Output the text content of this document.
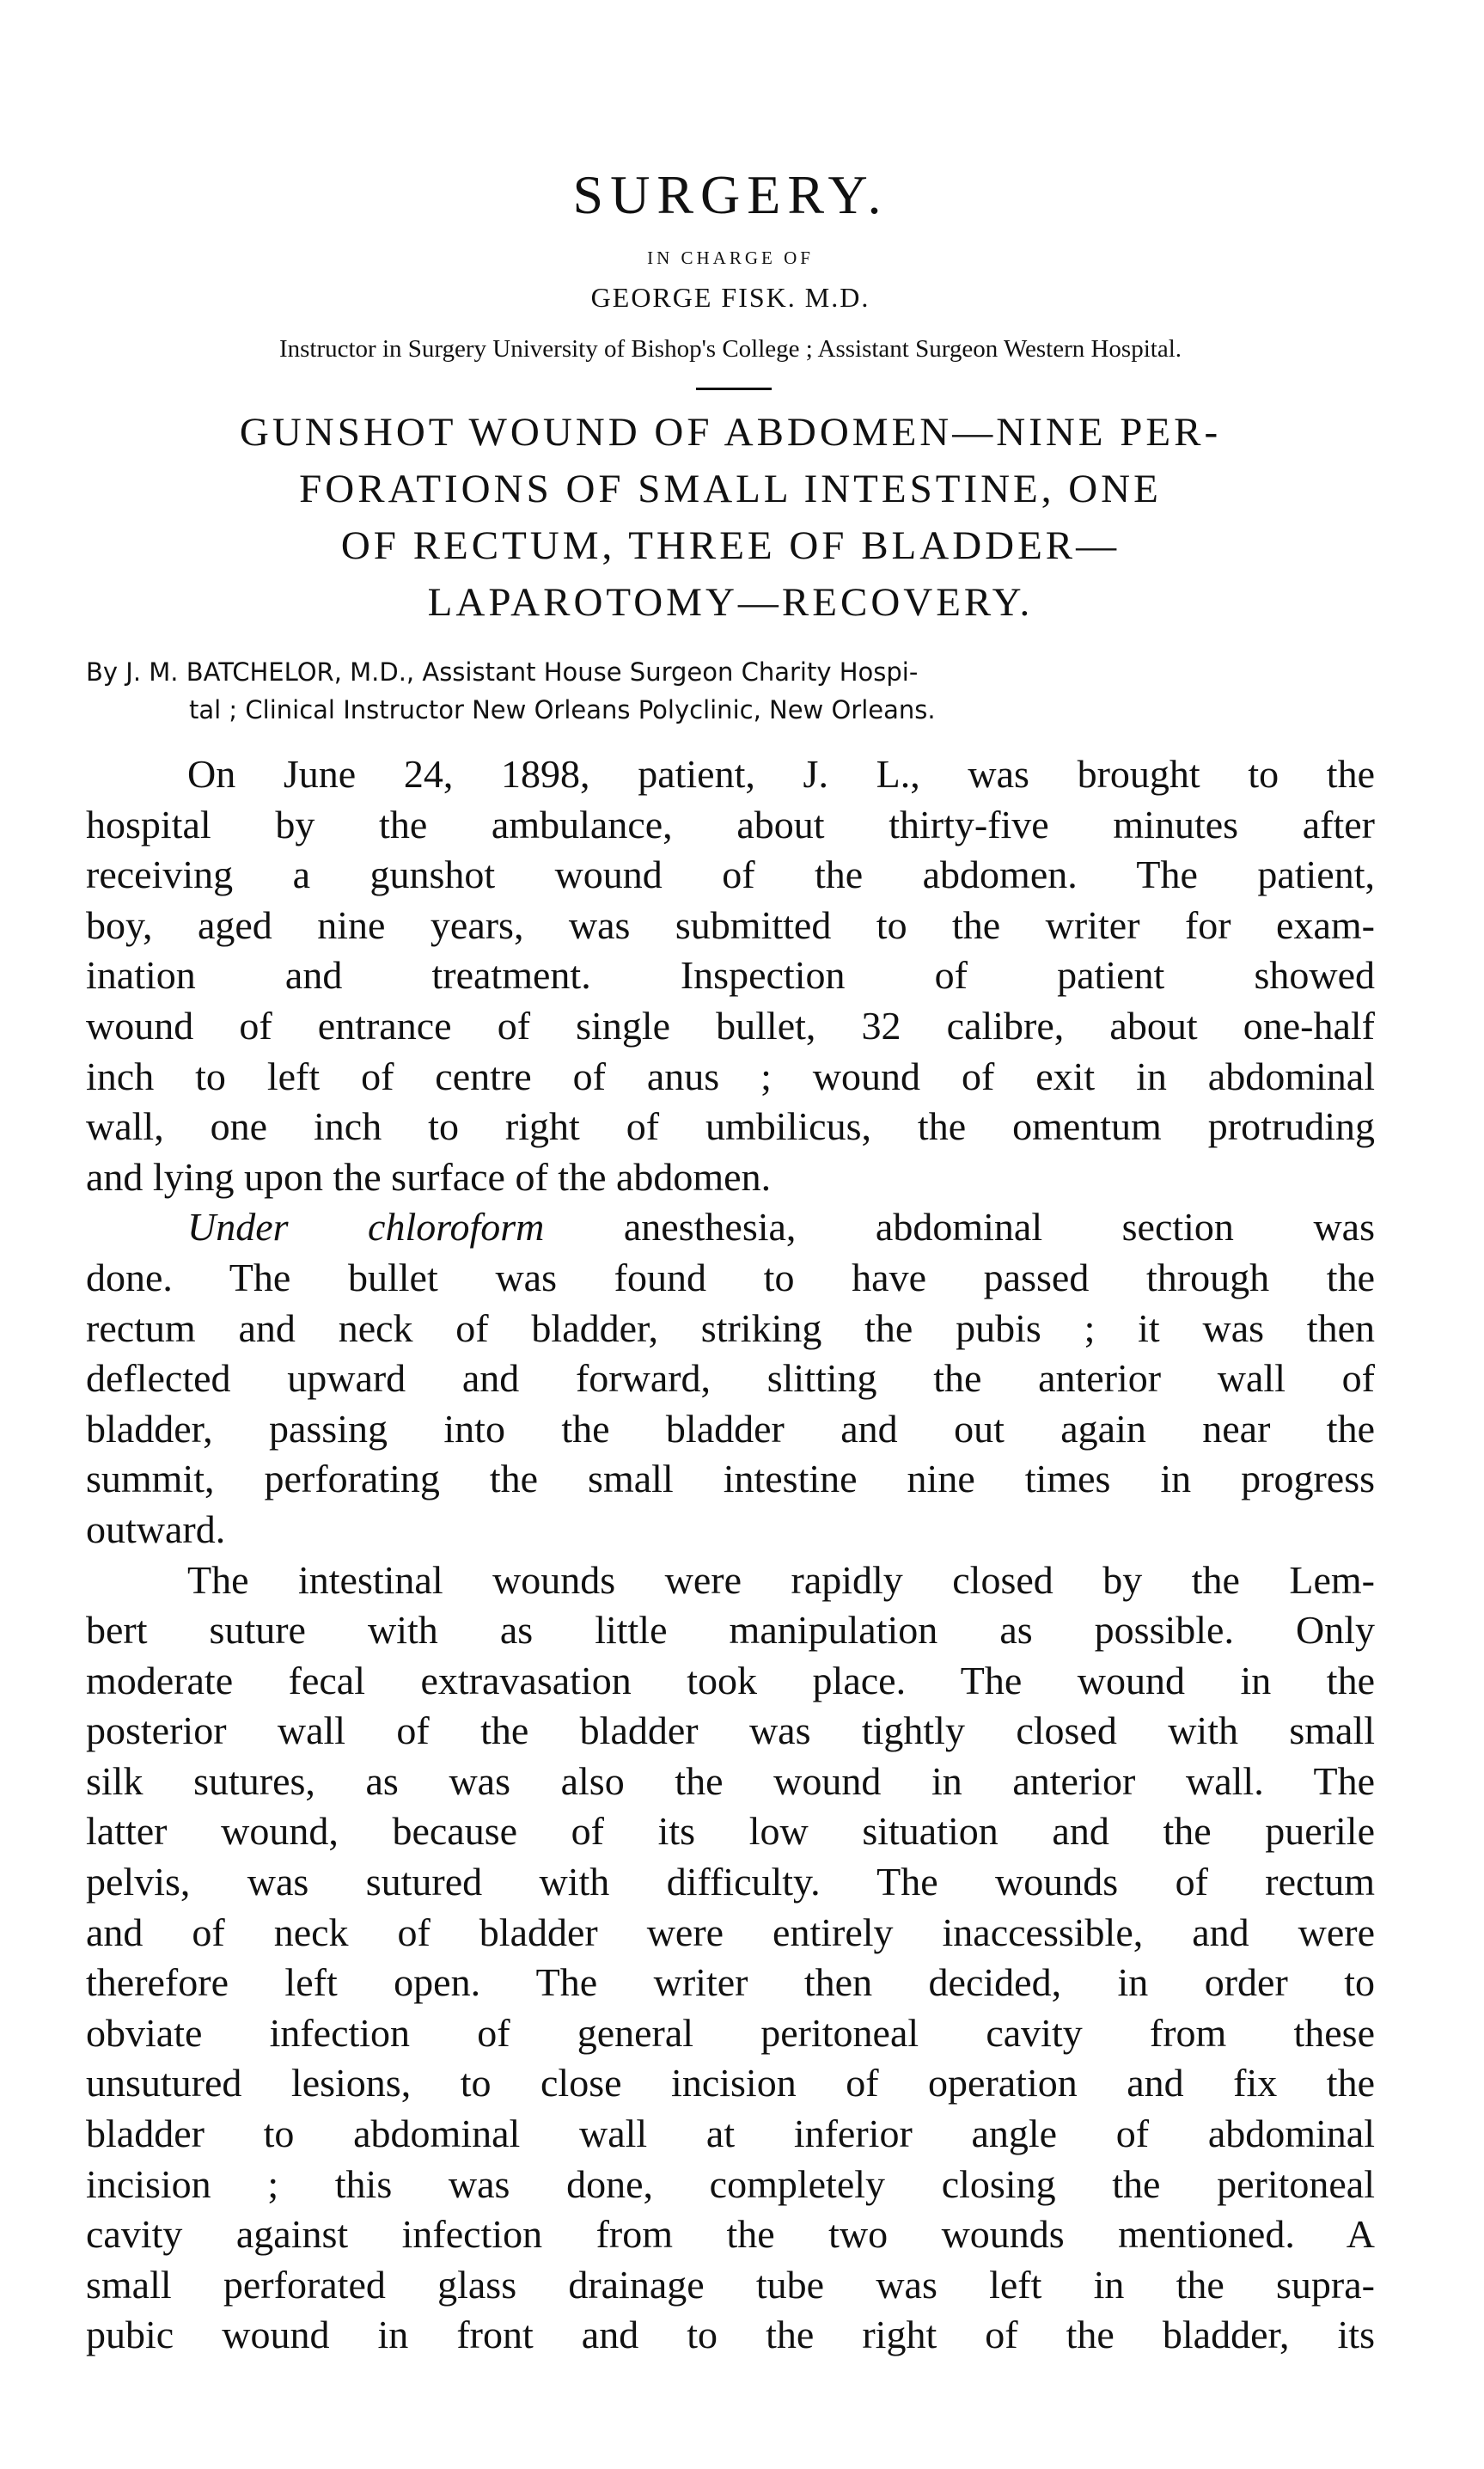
SURGERY.
IN CHARGE OF
GEORGE FISK. M.D.
Instructor in Surgery University of Bishop's College ; Assistant Surgeon Western Hospital.
GUNSHOT WOUND OF ABDOMEN—NINE PER-
FORATIONS OF SMALL INTESTINE, ONE
OF RECTUM, THREE OF BLADDER—
LAPAROTOMY—RECOVERY.
By J. M. BATCHELOR, M.D., Assistant House Surgeon Charity Hospi-
tal ; Clinical Instructor New Orleans Polyclinic, New Orleans.
On June 24, 1898, patient, J. L., was brought to the
hospital by the ambulance, about thirty-five minutes after
receiving a gunshot wound of the abdomen. The patient,
boy, aged nine years, was submitted to the writer for exam-
ination and treatment. Inspection of patient showed
wound of entrance of single bullet, 32 calibre, about one-half
inch to left of centre of anus ; wound of exit in abdominal
wall, one inch to right of umbilicus, the omentum protruding
and lying upon the surface of the abdomen.
Under chloroform anesthesia, abdominal section was
done. The bullet was found to have passed through the
rectum and neck of bladder, striking the pubis ; it was then
deflected upward and forward, slitting the anterior wall of
bladder, passing into the bladder and out again near the
summit, perforating the small intestine nine times in progress
outward.
The intestinal wounds were rapidly closed by the Lem-
bert suture with as little manipulation as possible. Only
moderate fecal extravasation took place. The wound in the
posterior wall of the bladder was tightly closed with small
silk sutures, as was also the wound in anterior wall. The
latter wound, because of its low situation and the puerile
pelvis, was sutured with difficulty. The wounds of rectum
and of neck of bladder were entirely inaccessible, and were
therefore left open. The writer then decided, in order to
obviate infection of general peritoneal cavity from these
unsutured lesions, to close incision of operation and fix the
bladder to abdominal wall at inferior angle of abdominal
incision ; this was done, completely closing the peritoneal
cavity against infection from the two wounds mentioned. A
small perforated glass drainage tube was left in the supra-
pubic wound in front and to the right of the bladder, its
